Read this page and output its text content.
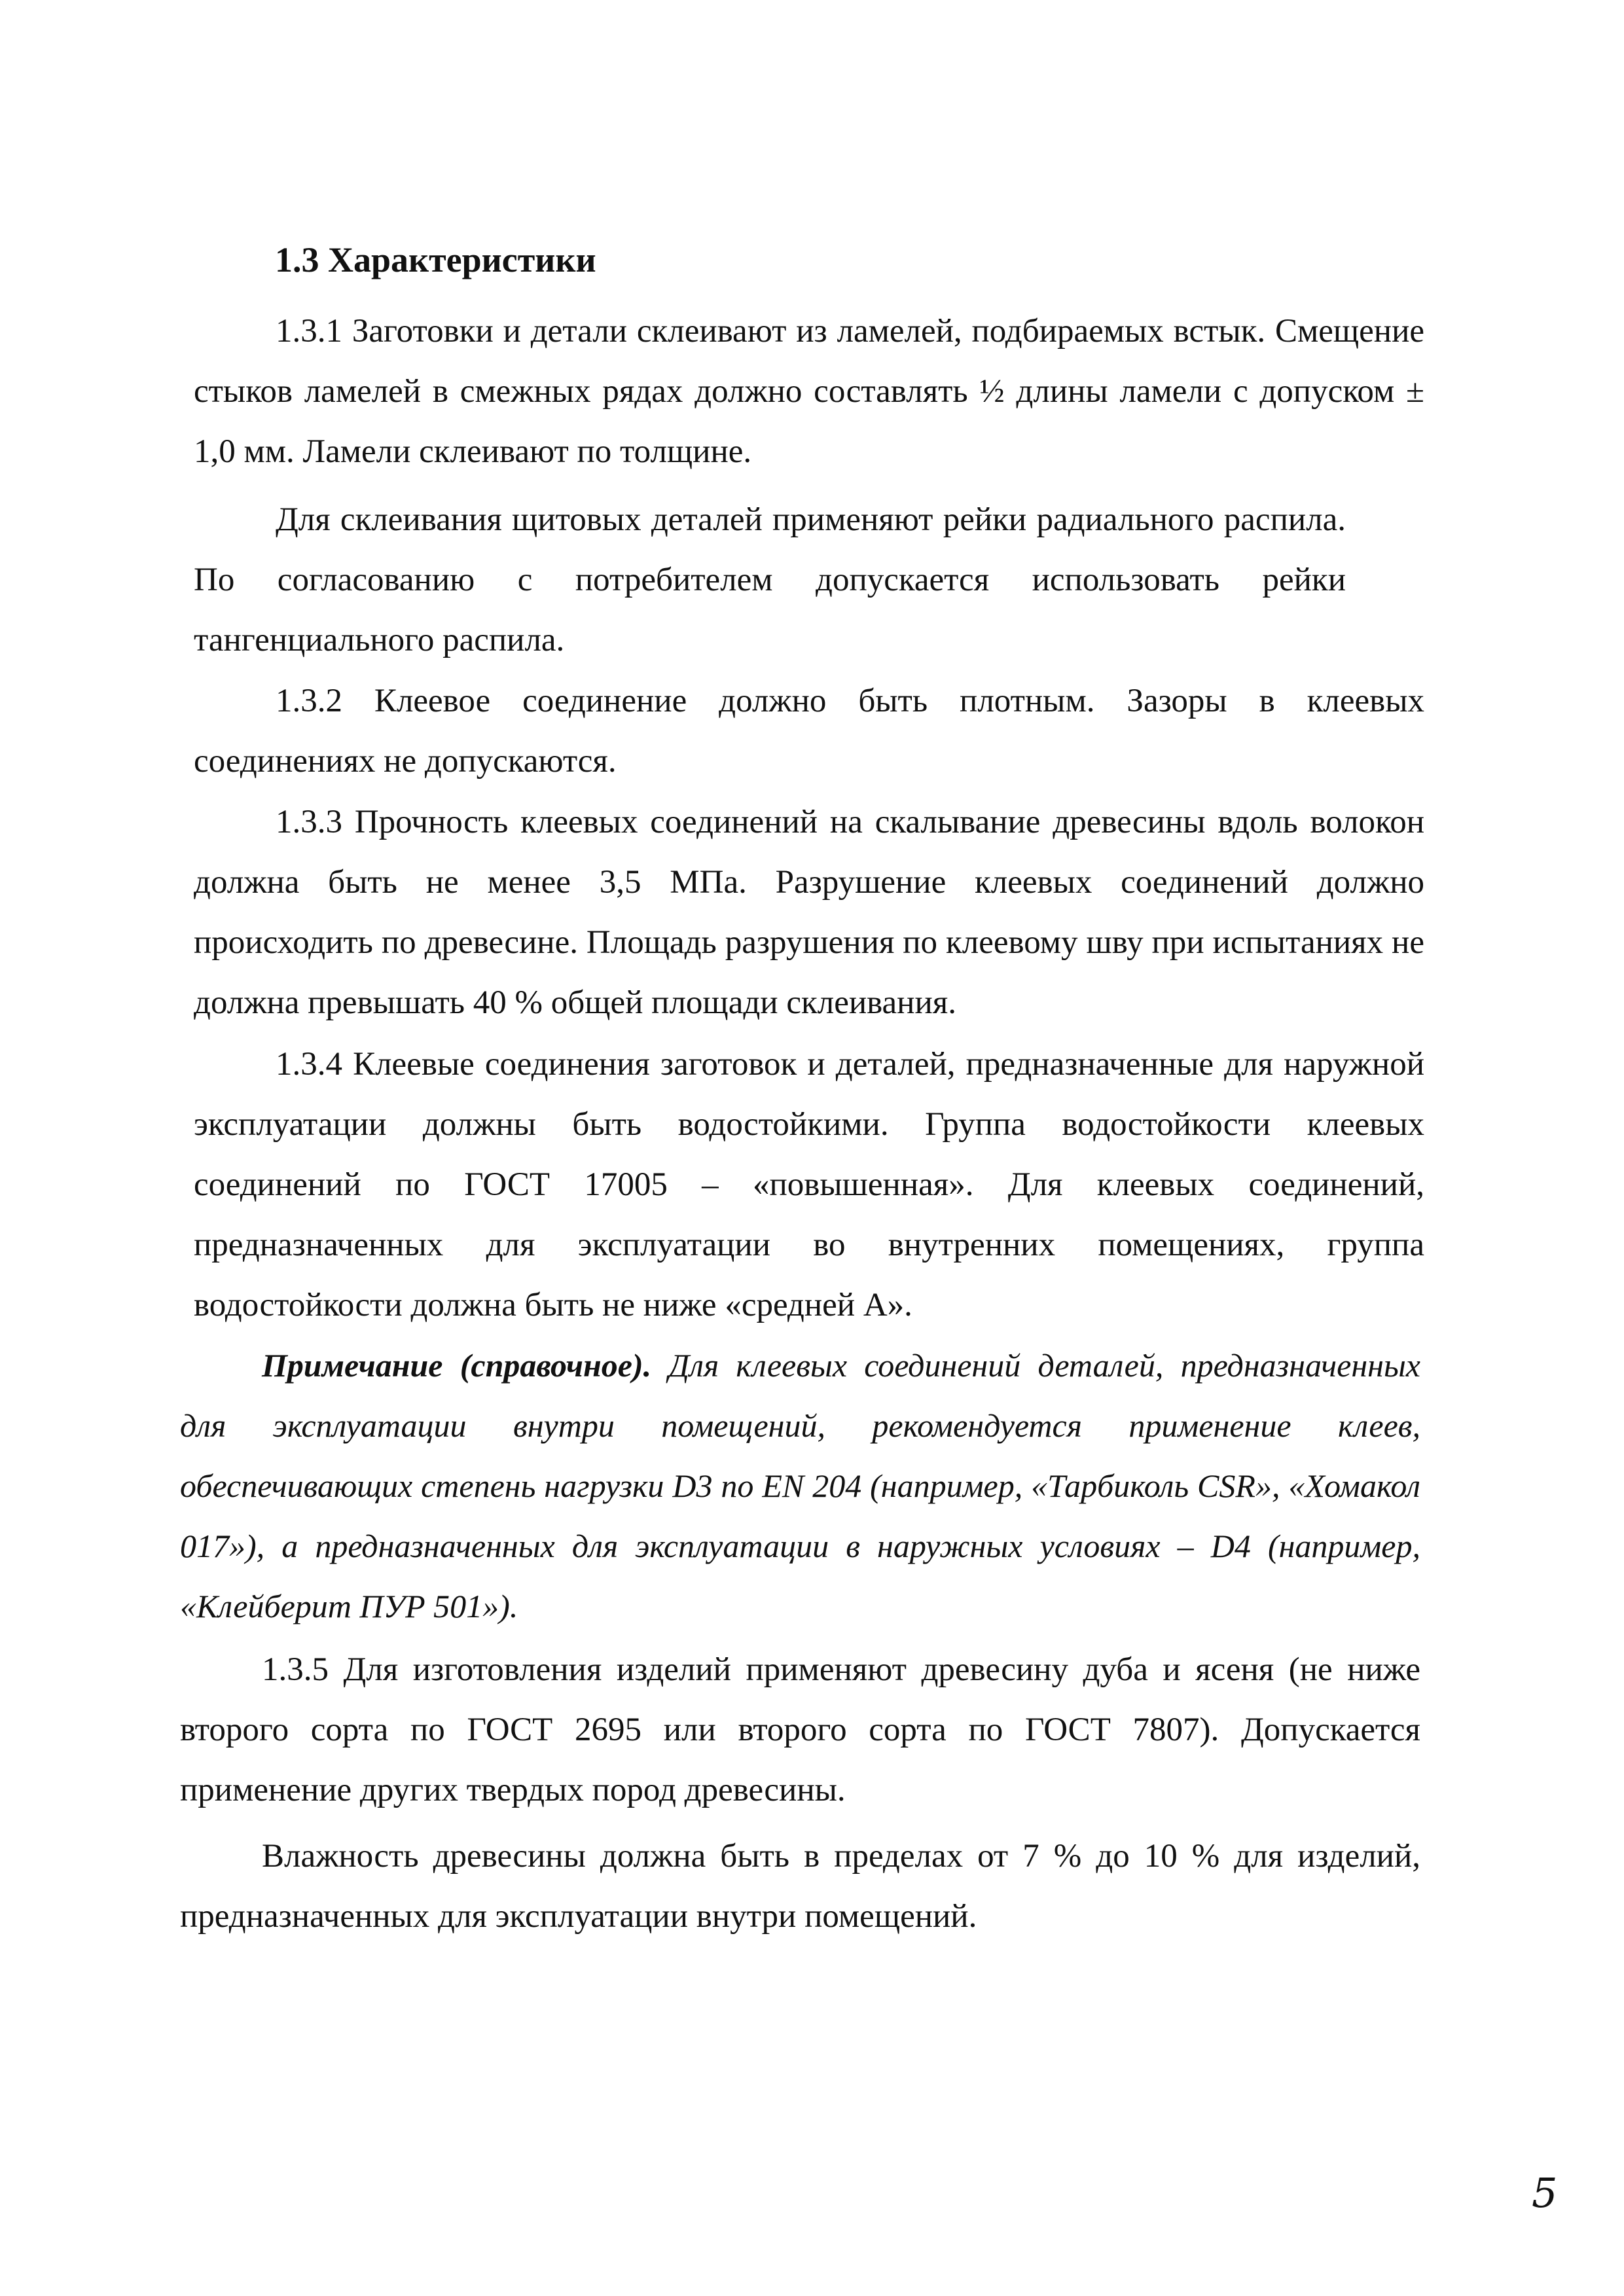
1.3 Характеристики

1.3.1 Заготовки и детали склеивают из ламелей, подбираемых встык. Смещение стыков ламелей в смежных рядах должно составлять ½ длины ламели с допуском ± 1,0 мм. Ламели склеивают по толщине.

Для склеивания щитовых деталей применяют рейки радиального распила. По согласованию с потребителем допускается использовать рейки тангенциального распила.

1.3.2 Клеевое соединение должно быть плотным. Зазоры в клеевых соединениях не допускаются.

1.3.3 Прочность клеевых соединений на скалывание древесины вдоль волокон должна быть не менее 3,5 МПа. Разрушение клеевых соединений должно происходить по древесине. Площадь разрушения по клеевому шву при испытаниях не должна превышать 40 % общей площади склеивания.

1.3.4 Клеевые соединения заготовок и деталей, предназначенные для наружной эксплуатации должны быть водостойкими. Группа водостойкости клеевых соединений по ГОСТ 17005 – «повышенная». Для клеевых соединений, предназначенных для эксплуатации во внутренних помещениях, группа водостойкости должна быть не ниже «средней А».

Примечание (справочное). Для клеевых соединений деталей, предназначенных для эксплуатации внутри помещений, рекомендуется применение клеев, обеспечивающих степень нагрузки D3 по EN 204 (например, «Тарбиколь CSR», «Хомакол 017»), а предназначенных для эксплуатации в наружных условиях – D4 (например, «Клейберит ПУР 501»).

1.3.5 Для изготовления изделий применяют древесину дуба и ясеня (не ниже второго сорта по ГОСТ 2695 или второго сорта по ГОСТ 7807). Допускается применение других твердых пород древесины.

Влажность древесины должна быть в пределах от 7 % до 10 % для изделий, предназначенных для эксплуатации внутри помещений.

5
